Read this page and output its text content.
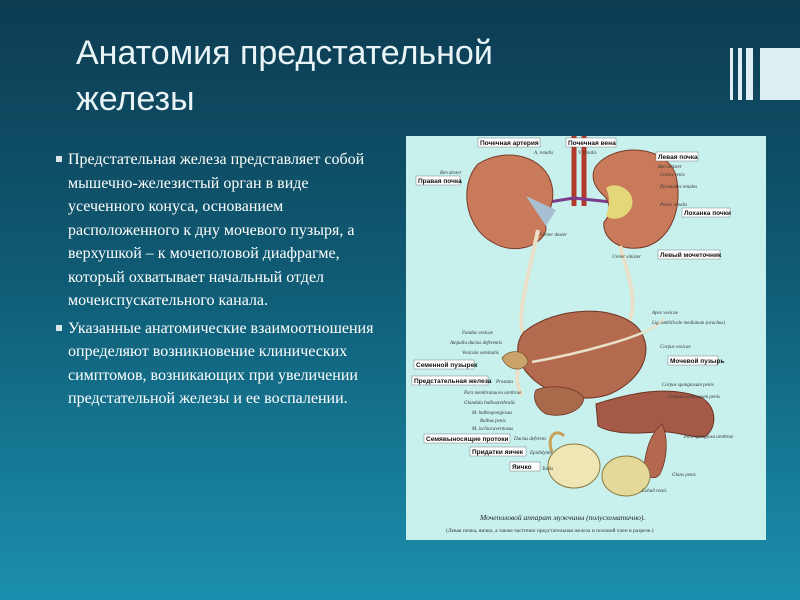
Анатомия предстательной железы
Предстательная железа представляет собой мышечно-железистый орган в виде усеченного конуса, основанием расположенного к дну мочевого пузыря, а верхушкой – к мочеполовой диафрагме, который охватывает начальный отдел мочеиспускательного канала.
Указанные анатомические взаимоотношения определяют возникновение клинических симптомов, возникающих при увеличении предстательной железы и ее воспалении.
Почечная артерия	Почечная вена
Левая почка
Правая почка
Лоханка почки
Левый мочеточник
Семенной пузырек
Мочевой пузырь
Предстательная железа
Семявыносящие протоки
Придатки яичек
Яичко
A. renalis	V. renalis
Ren sinister
Ren dexter	Cortex renis
Pyramides renales
Pelvis renalis
Ureter dexter
Ureter sinister
Apex vesicae
Lig. umbilicale medianum (urachus)
Fundus vesicae
Ampulla ductus deferentis
Vesicula seminalis
Corpus vesicae
Prostata
Corpus spongiosum penis
Corpus cavernosum penis
Pars membranacea urethrae
Glandula bulbourethralis
M. bulbospongiosus
Bulbus penis
M. ischiocavernosus
Pars spongiosa urethrae
Ductus deferens
Epididymis
Testis
Glans penis
Lobuli testis
Мочеполовой аппарат мужчины (полусхематично).
(Левая почка, яичко, а также частично предстательная железа и половой член в разрезе.)
